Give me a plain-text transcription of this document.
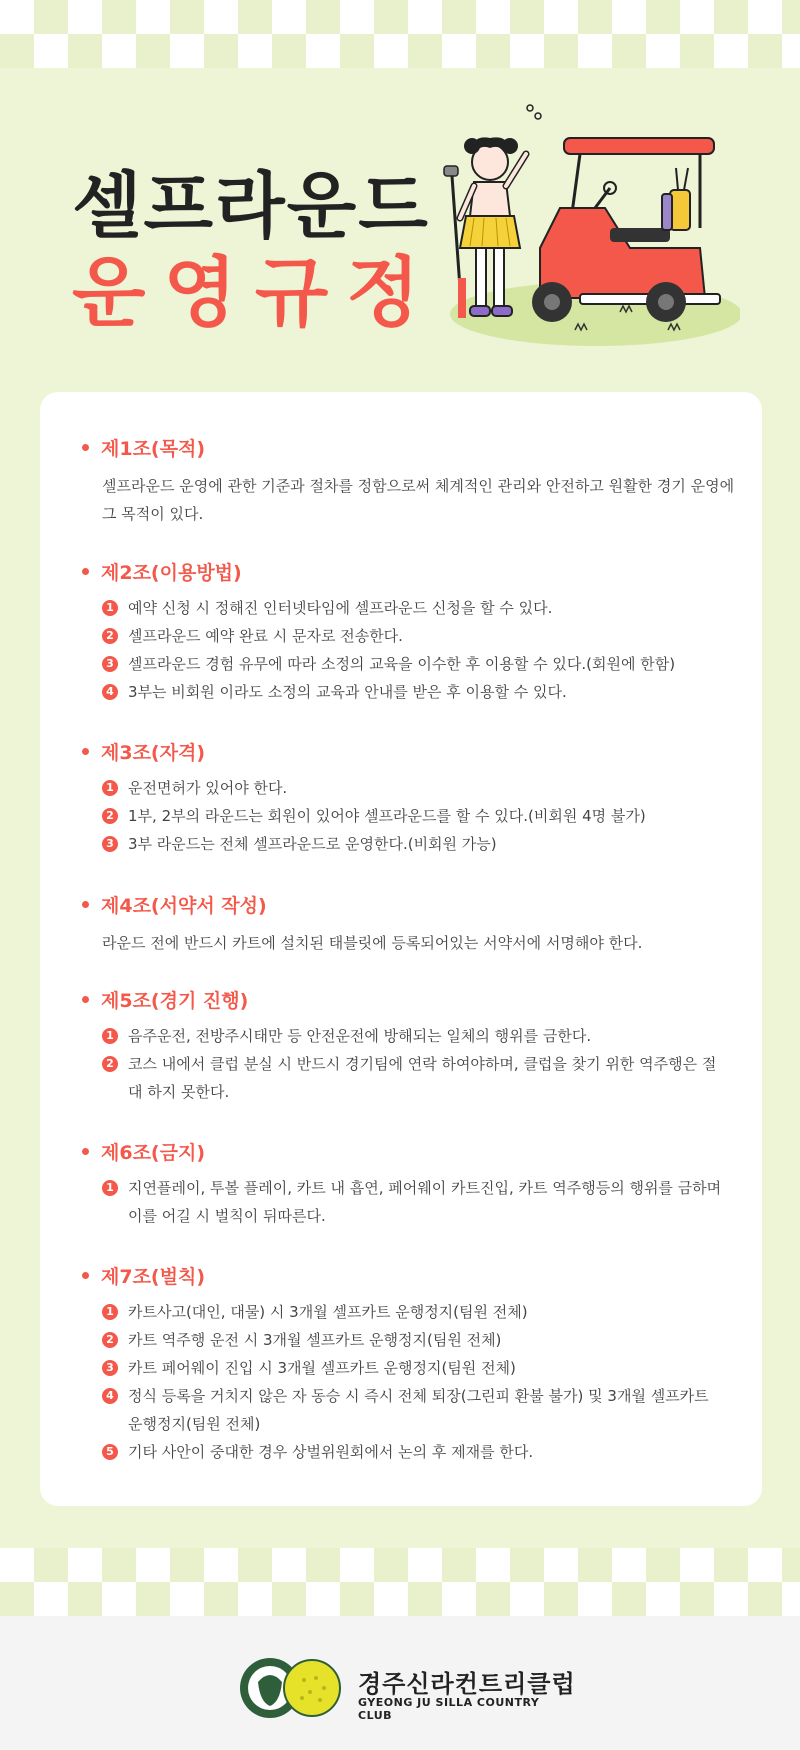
셀프라운드
운영규정
제1조(목적)

셀프라운드 운영에 관한 기준과 절차를 정함으로써 체계적인 관리와 안전하고 원활한 경기 운영에 그 목적이 있다.

제2조(이용방법)
1 예약 신청 시 정해진 인터넷타임에 셀프라운드 신청을 할 수 있다.
2 셀프라운드 예약 완료 시 문자로 전송한다.
3 셀프라운드 경험 유무에 따라 소정의 교육을 이수한 후 이용할 수 있다.(회원에 한함)
4 3부는 비회원 이라도 소정의 교육과 안내를 받은 후 이용할 수 있다.
제3조(자격)
1 운전면허가 있어야 한다.
2 1부, 2부의 라운드는 회원이 있어야 셀프라운드를 할 수 있다.(비회원 4명 불가)
3 3부 라운드는 전체 셀프라운드로 운영한다.(비회원 가능)
제4조(서약서 작성)

라운드 전에 반드시 카트에 설치된 태블릿에 등록되어있는 서약서에 서명해야 한다.

제5조(경기 진행)
1 음주운전, 전방주시태만 등 안전운전에 방해되는 일체의 행위를 금한다.
2 코스 내에서 클럽 분실 시 반드시 경기팀에 연락 하여야하며, 클럽을 찾기 위한 역주행은 절대 하지 못한다.
제6조(금지)
1 지연플레이, 투볼 플레이, 카트 내 흡연, 페어웨이 카트진입, 카트 역주행등의 행위를 금하며 이를 어길 시 벌칙이 뒤따른다.
제7조(벌칙)
1 카트사고(대인, 대물) 시 3개월 셀프카트 운행정지(팀원 전체)
2 카트 역주행 운전 시 3개월 셀프카트 운행정지(팀원 전체)
3 카트 페어웨이 진입 시 3개월 셀프카트 운행정지(팀원 전체)
4 정식 등록을 거치지 않은 자 동승 시 즉시 전체 퇴장(그린피 환불 불가) 및 3개월 셀프카트 운행정지(팀원 전체)
5 기타 사안이 중대한 경우 상벌위원회에서 논의 후 제재를 한다.
경주신라컨트리클럽
GYEONG JU SILLA COUNTRY CLUB
